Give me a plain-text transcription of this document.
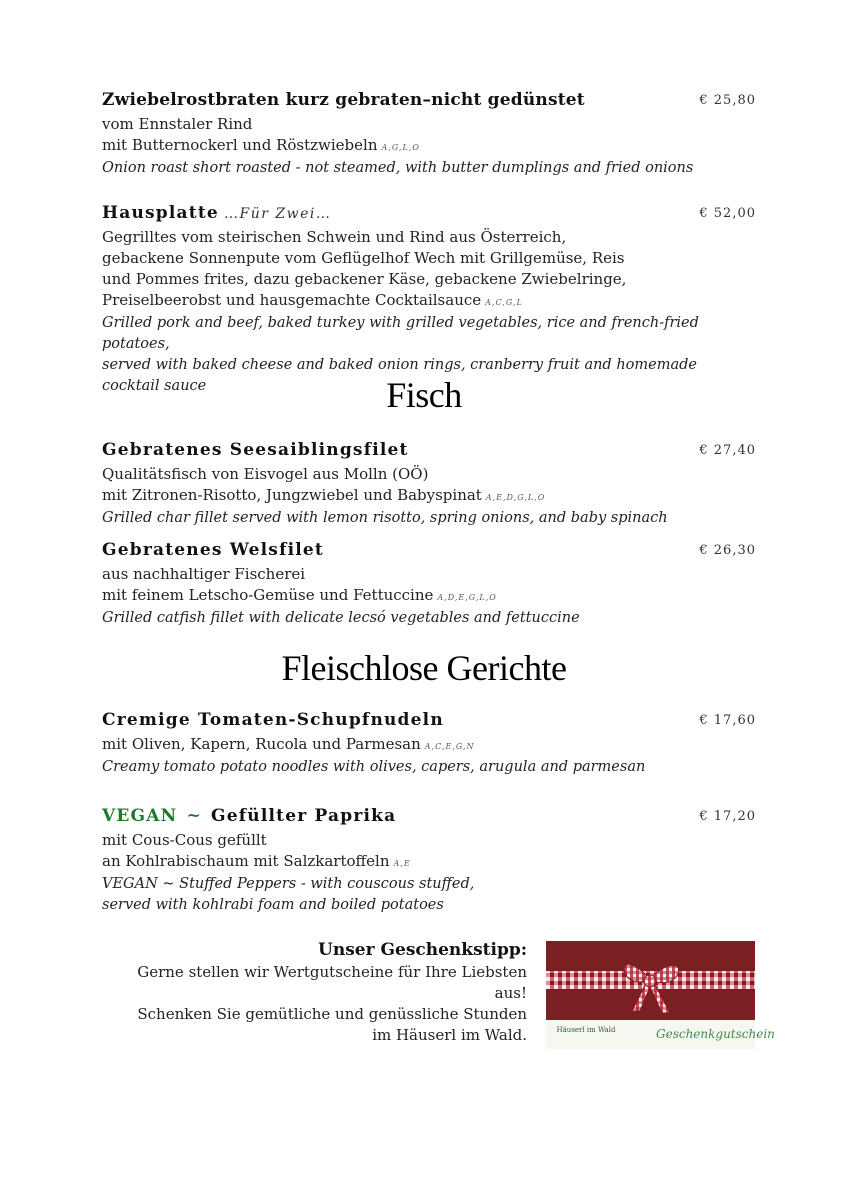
Zwiebelrostbraten kurz gebraten–nicht gedünstet	€ 25,80
vom Ennstaler Rind
mit Butternockerl und Röstzwiebeln A,G,L,O
Onion roast short roasted - not steamed, with butter dumplings and fried onions
Hausplatte …Für Zwei…	€ 52,00
Gegrilltes vom steirischen Schwein und Rind aus Österreich,
gebackene Sonnenpute vom Geflügelhof Wech mit Grillgemüse, Reis
und Pommes frites, dazu gebackener Käse, gebackene Zwiebelringe,
Preiselbeerobst und hausgemachte Cocktailsauce A,C,G,L
Grilled pork and beef, baked turkey with grilled vegetables, rice and french-fried potatoes,
served with baked cheese and baked onion rings, cranberry fruit and homemade cocktail sauce	Fisch
Gebratenes Seesaiblingsfilet	€ 27,40
Qualitätsfisch von Eisvogel aus Molln (OÖ)
mit Zitronen-Risotto, Jungzwiebel und Babyspinat A,E,D,G,L,O
Grilled char fillet served with lemon risotto, spring onions, and baby spinach
Gebratenes Welsfilet	€ 26,30
aus nachhaltiger Fischerei
mit feinem Letscho-Gemüse und Fettuccine A,D,E,G,L,O
Grilled catfish fillet with delicate lecsó vegetables and fettuccine
Fleischlose Gerichte
Cremige Tomaten-Schupfnudeln	€ 17,60
mit Oliven, Kapern, Rucola und Parmesan A,C,E,G,N
Creamy tomato potato noodles with olives, capers, arugula and parmesan
VEGAN ~ Gefüllter Paprika	€ 17,20
mit Cous-Cous gefüllt
an Kohlrabischaum mit Salzkartoffeln A,E
VEGAN ~ Stuffed Peppers - with couscous stuffed,
served with kohlrabi foam and boiled potatoes
Unser Geschenkstipp:
Gerne stellen wir Wertgutscheine für Ihre Liebsten aus!
Schenken Sie gemütliche und genüssliche Stunden
im Häuserl im Wald.	Häuserl im Wald	Geschenkgutschein
